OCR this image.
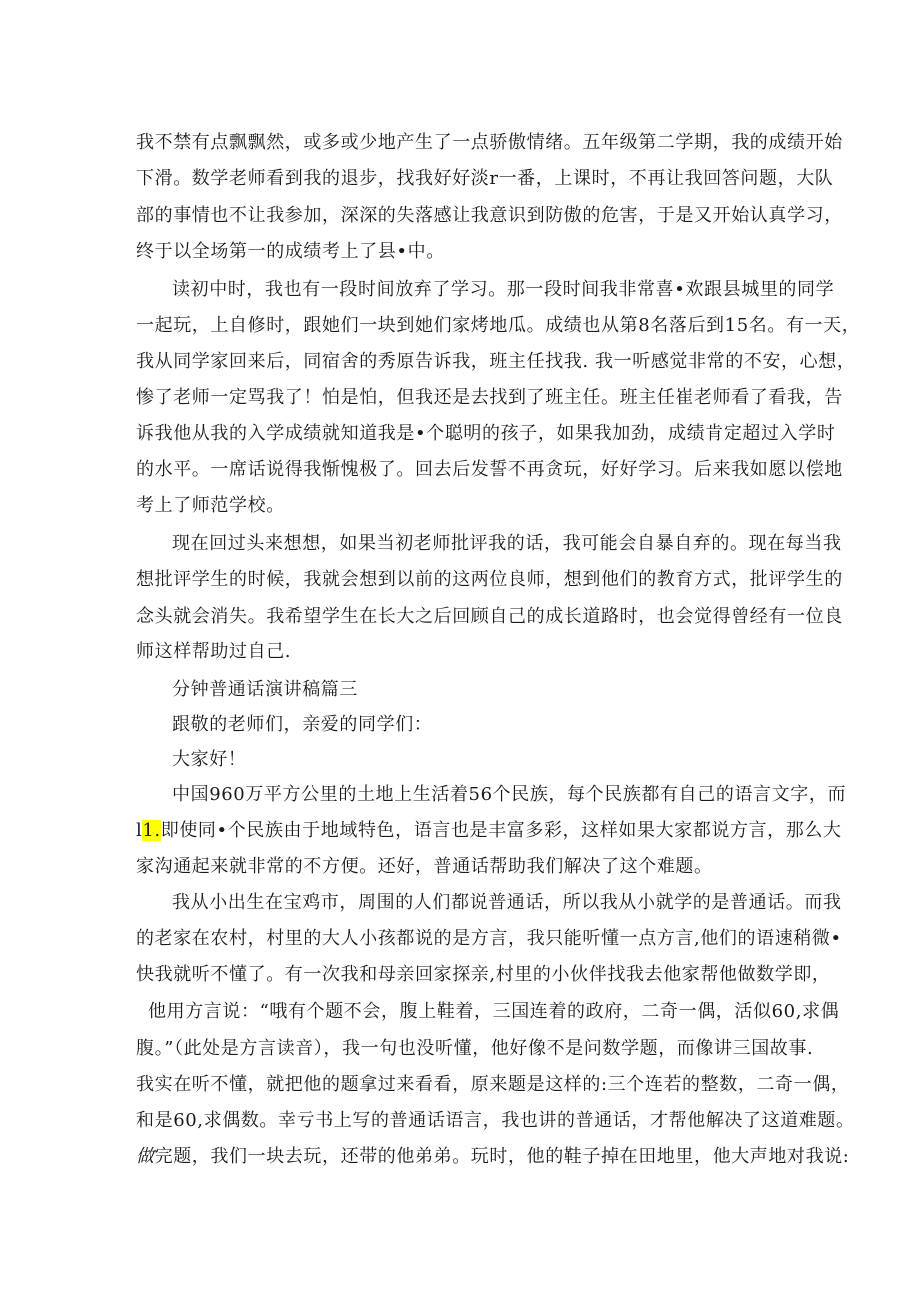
我不禁有点飘飘然，或多或少地产生了一点骄傲情绪。五年级第二学期，我的成绩开始

下滑。数学老师看到我的退步，找我好好淡r一番，上课时，不再让我回答问题，大队

部的事情也不让我参加，深深的失落感让我意识到防傲的危害，于是又开始认真学习，

终于以全场第一的成绩考上了县•中。

读初中时，我也有一段时间放弃了学习。那一段时间我非常喜•欢跟县城里的同学

一起玩，上自修时，跟她们一块到她们家烤地瓜。成绩也从第8名落后到15名。有一天，

我从同学家回来后，同宿舍的秀原告诉我，班主任找我. 我一听感觉非常的不安，心想，

惨了老师一定骂我了！怕是怕，但我还是去找到了班主任。班主任崔老师看了看我，告

诉我他从我的入学成绩就知道我是•个聪明的孩子，如果我加劲，成绩肯定超过入学时

的水平。一席话说得我惭愧极了。回去后发誓不再贪玩，好好学习。后来我如愿以偿地

考上了师范学校。

现在回过头来想想，如果当初老师批评我的话，我可能会自暴自弃的。现在每当我

想批评学生的时候，我就会想到以前的这两位良师，想到他们的教育方式，批评学生的

念头就会消失。我希望学生在长大之后回顾自己的成长道路时，也会觉得曾经有一位良

师这样帮助过自己.

分钟普通话演讲稿篇三

跟敬的老师们，亲爱的同学们：

大家好！

中国960万平方公里的土地上生活着56个民族，每个民族都有自己的语言文字，而

l1.即使同•个民族由于地域特色，语言也是丰富多彩，这样如果大家都说方言，那么大

家沟通起来就非常的不方便。还好，普通话帮助我们解决了这个难题。

我从小出生在宝鸡市，周围的人们都说普通话，所以我从小就学的是普通话。而我

的老家在农村，村里的大人小孩都说的是方言，我只能听懂一点方言,他们的语速稍微•

快我就听不懂了。有一次我和母亲回家探亲,村里的小伙伴找我去他家帮他做数学即，

他用方言说：“哦有个题不会，腹上鞋着，三国连着的政府，二奇一偶，活似60,求偶

腹。”（此处是方言读音），我一句也没听懂，他好像不是问数学题，而像讲三国故事.

我实在听不懂，就把他的题拿过来看看，原来题是这样的:三个连若的整数，二奇一偶，

和是60,求偶数。幸亏书上写的普通话语言，我也讲的普通话，才帮他解决了这道难题。

做完题，我们一块去玩，还带的他弟弟。玩时，他的鞋子掉在田地里，他大声地对我说:
